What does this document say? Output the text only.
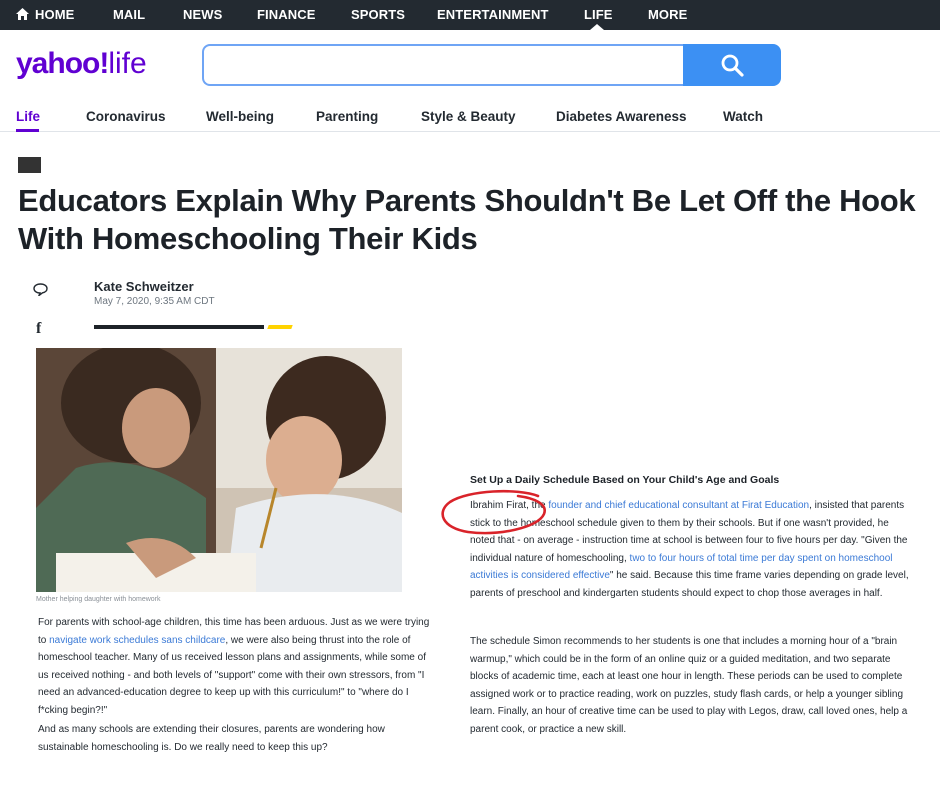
HOME	MAIL	NEWS	FINANCE	SPORTS ENTERTAINMENT	LIFE	MORE
yahoo!life
Life	Coronavirus	Well-being	Parenting	Style & Beauty	Diabetes Awareness	Watch
Educators Explain Why Parents Shouldn't Be Let Off the Hook With Homeschooling Their Kids
f
Kate Schweitzer
May 7, 2020, 9:35 AM CDT
Mother helping daughter with homework
For parents with school-age children, this time has been arduous. Just as we were trying to navigate work schedules sans childcare, we were also being thrust into the role of homeschool teacher. Many of us received lesson plans and assignments, while some of us received nothing - and both levels of "support" come with their own stressors, from "I need an advanced-education degree to keep up with this curriculum!" to "where do I f*cking begin?!"
And as many schools are extending their closures, parents are wondering how sustainable homeschooling is. Do we really need to keep this up?
Set Up a Daily Schedule Based on Your Child's Age and Goals
Ibrahim Firat, the founder and chief educational consultant at Firat Education, insisted that parents stick to the homeschool schedule given to them by their schools. But if one wasn't provided, he noted that - on average - instruction time at school is between four to five hours per day. "Given the individual nature of homeschooling, two to four hours of total time per day spent on homeschool activities is considered effective" he said. Because this time frame varies depending on grade level, parents of preschool and kindergarten students should expect to chop those averages in half.
The schedule Simon recommends to her students is one that includes a morning hour of a "brain warmup," which could be in the form of an online quiz or a guided meditation, and two separate blocks of academic time, each at least one hour in length. These periods can be used to complete assigned work or to practice reading, work on puzzles, study flash cards, or help a younger sibling learn. Finally, an hour of creative time can be used to play with Legos, draw, call loved ones, help a parent cook, or practice a new skill.
